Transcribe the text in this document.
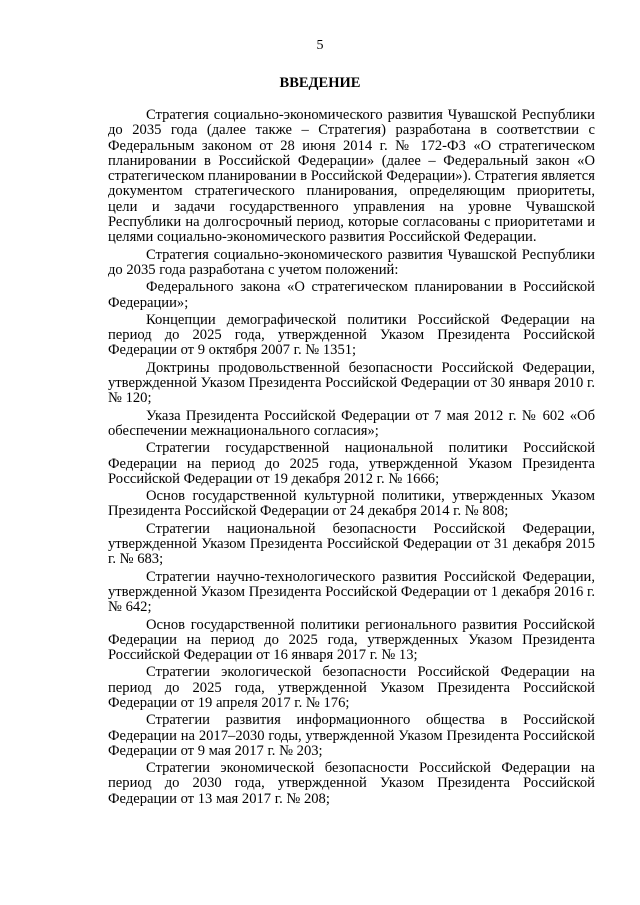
5
ВВЕДЕНИЕ

Стратегия социально-экономического развития Чувашской Республики до 2035 года (далее также – Стратегия) разработана в соответствии с Федеральным законом от 28 июня 2014 г. № 172-ФЗ «О стратегическом планировании в Российской Федерации» (далее – Федеральный закон «О стратегическом планировании в Российской Федерации»). Стратегия является документом стратегического планирования, определяющим приоритеты, цели и задачи государственного управления на уровне Чувашской Республики на долгосрочный период, которые согласованы с приоритетами и целями социально-экономического развития Российской Федерации.

Стратегия социально-экономического развития Чувашской Республики до 2035 года разработана с учетом положений:

Федерального закона «О стратегическом планировании в Российской Федерации»;

Концепции демографической политики Российской Федерации на период до 2025 года, утвержденной Указом Президента Российской Федерации от 9 октября 2007 г. № 1351;

Доктрины продовольственной безопасности Российской Федерации, утвержденной Указом Президента Российской Федерации от 30 января 2010 г. № 120;

Указа Президента Российской Федерации от 7 мая 2012 г. № 602 «Об обеспечении межнационального согласия»;

Стратегии государственной национальной политики Российской Федерации на период до 2025 года, утвержденной Указом Президента Российской Федерации от 19 декабря 2012 г. № 1666;

Основ государственной культурной политики, утвержденных Указом Президента Российской Федерации от 24 декабря 2014 г. № 808;

Стратегии национальной безопасности Российской Федерации, утвержденной Указом Президента Российской Федерации от 31 декабря 2015 г. № 683;

Стратегии научно-технологического развития Российской Федерации, утвержденной Указом Президента Российской Федерации от 1 декабря 2016 г. № 642;

Основ государственной политики регионального развития Российской Федерации на период до 2025 года, утвержденных Указом Президента Российской Федерации от 16 января 2017 г. № 13;

Стратегии экологической безопасности Российской Федерации на период до 2025 года, утвержденной Указом Президента Российской Федерации от 19 апреля 2017 г. № 176;

Стратегии развития информационного общества в Российской Федерации на 2017–2030 годы, утвержденной Указом Президента Российской Федерации от 9 мая 2017 г. № 203;

Стратегии экономической безопасности Российской Федерации на период до 2030 года, утвержденной Указом Президента Российской Федерации от 13 мая 2017 г. № 208;
